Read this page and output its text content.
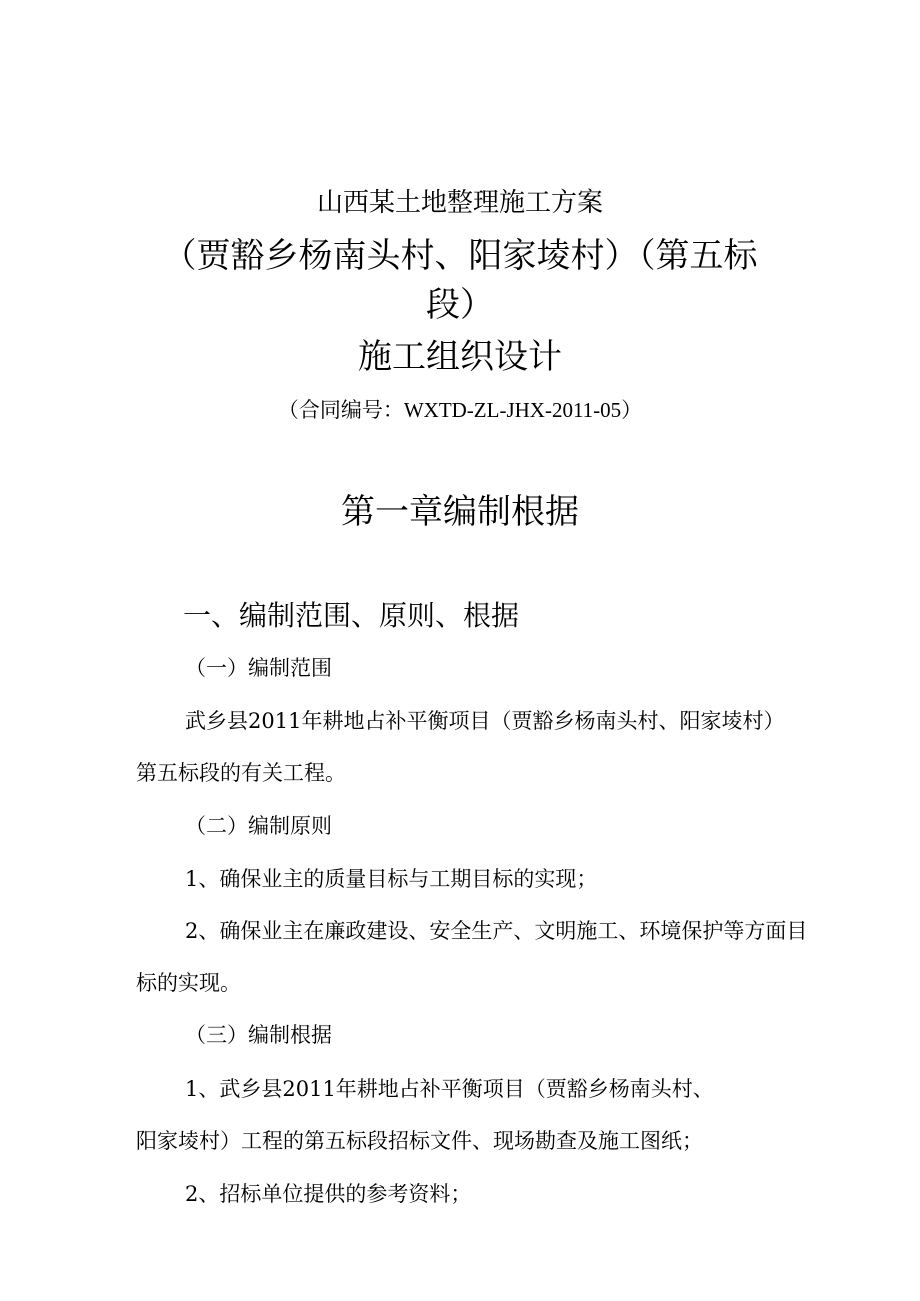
山西某土地整理施工方案
（贾豁乡杨南头村、阳家堎村）（第五标
段）
施工组织设计
（合同编号：WXTD-ZL-JHX-2011-05）
第一章编制根据
一、编制范围、原则、根据
（一）编制范围
武乡县2011年耕地占补平衡项目（贾豁乡杨南头村、阳家堎村）
第五标段的有关工程。
（二）编制原则
1、确保业主的质量目标与工期目标的实现；
2、确保业主在廉政建设、安全生产、文明施工、环境保护等方面目
标的实现。
（三）编制根据
1、武乡县2011年耕地占补平衡项目（贾豁乡杨南头村、
阳家堎村）工程的第五标段招标文件、现场勘查及施工图纸；
2、招标单位提供的参考资料；
